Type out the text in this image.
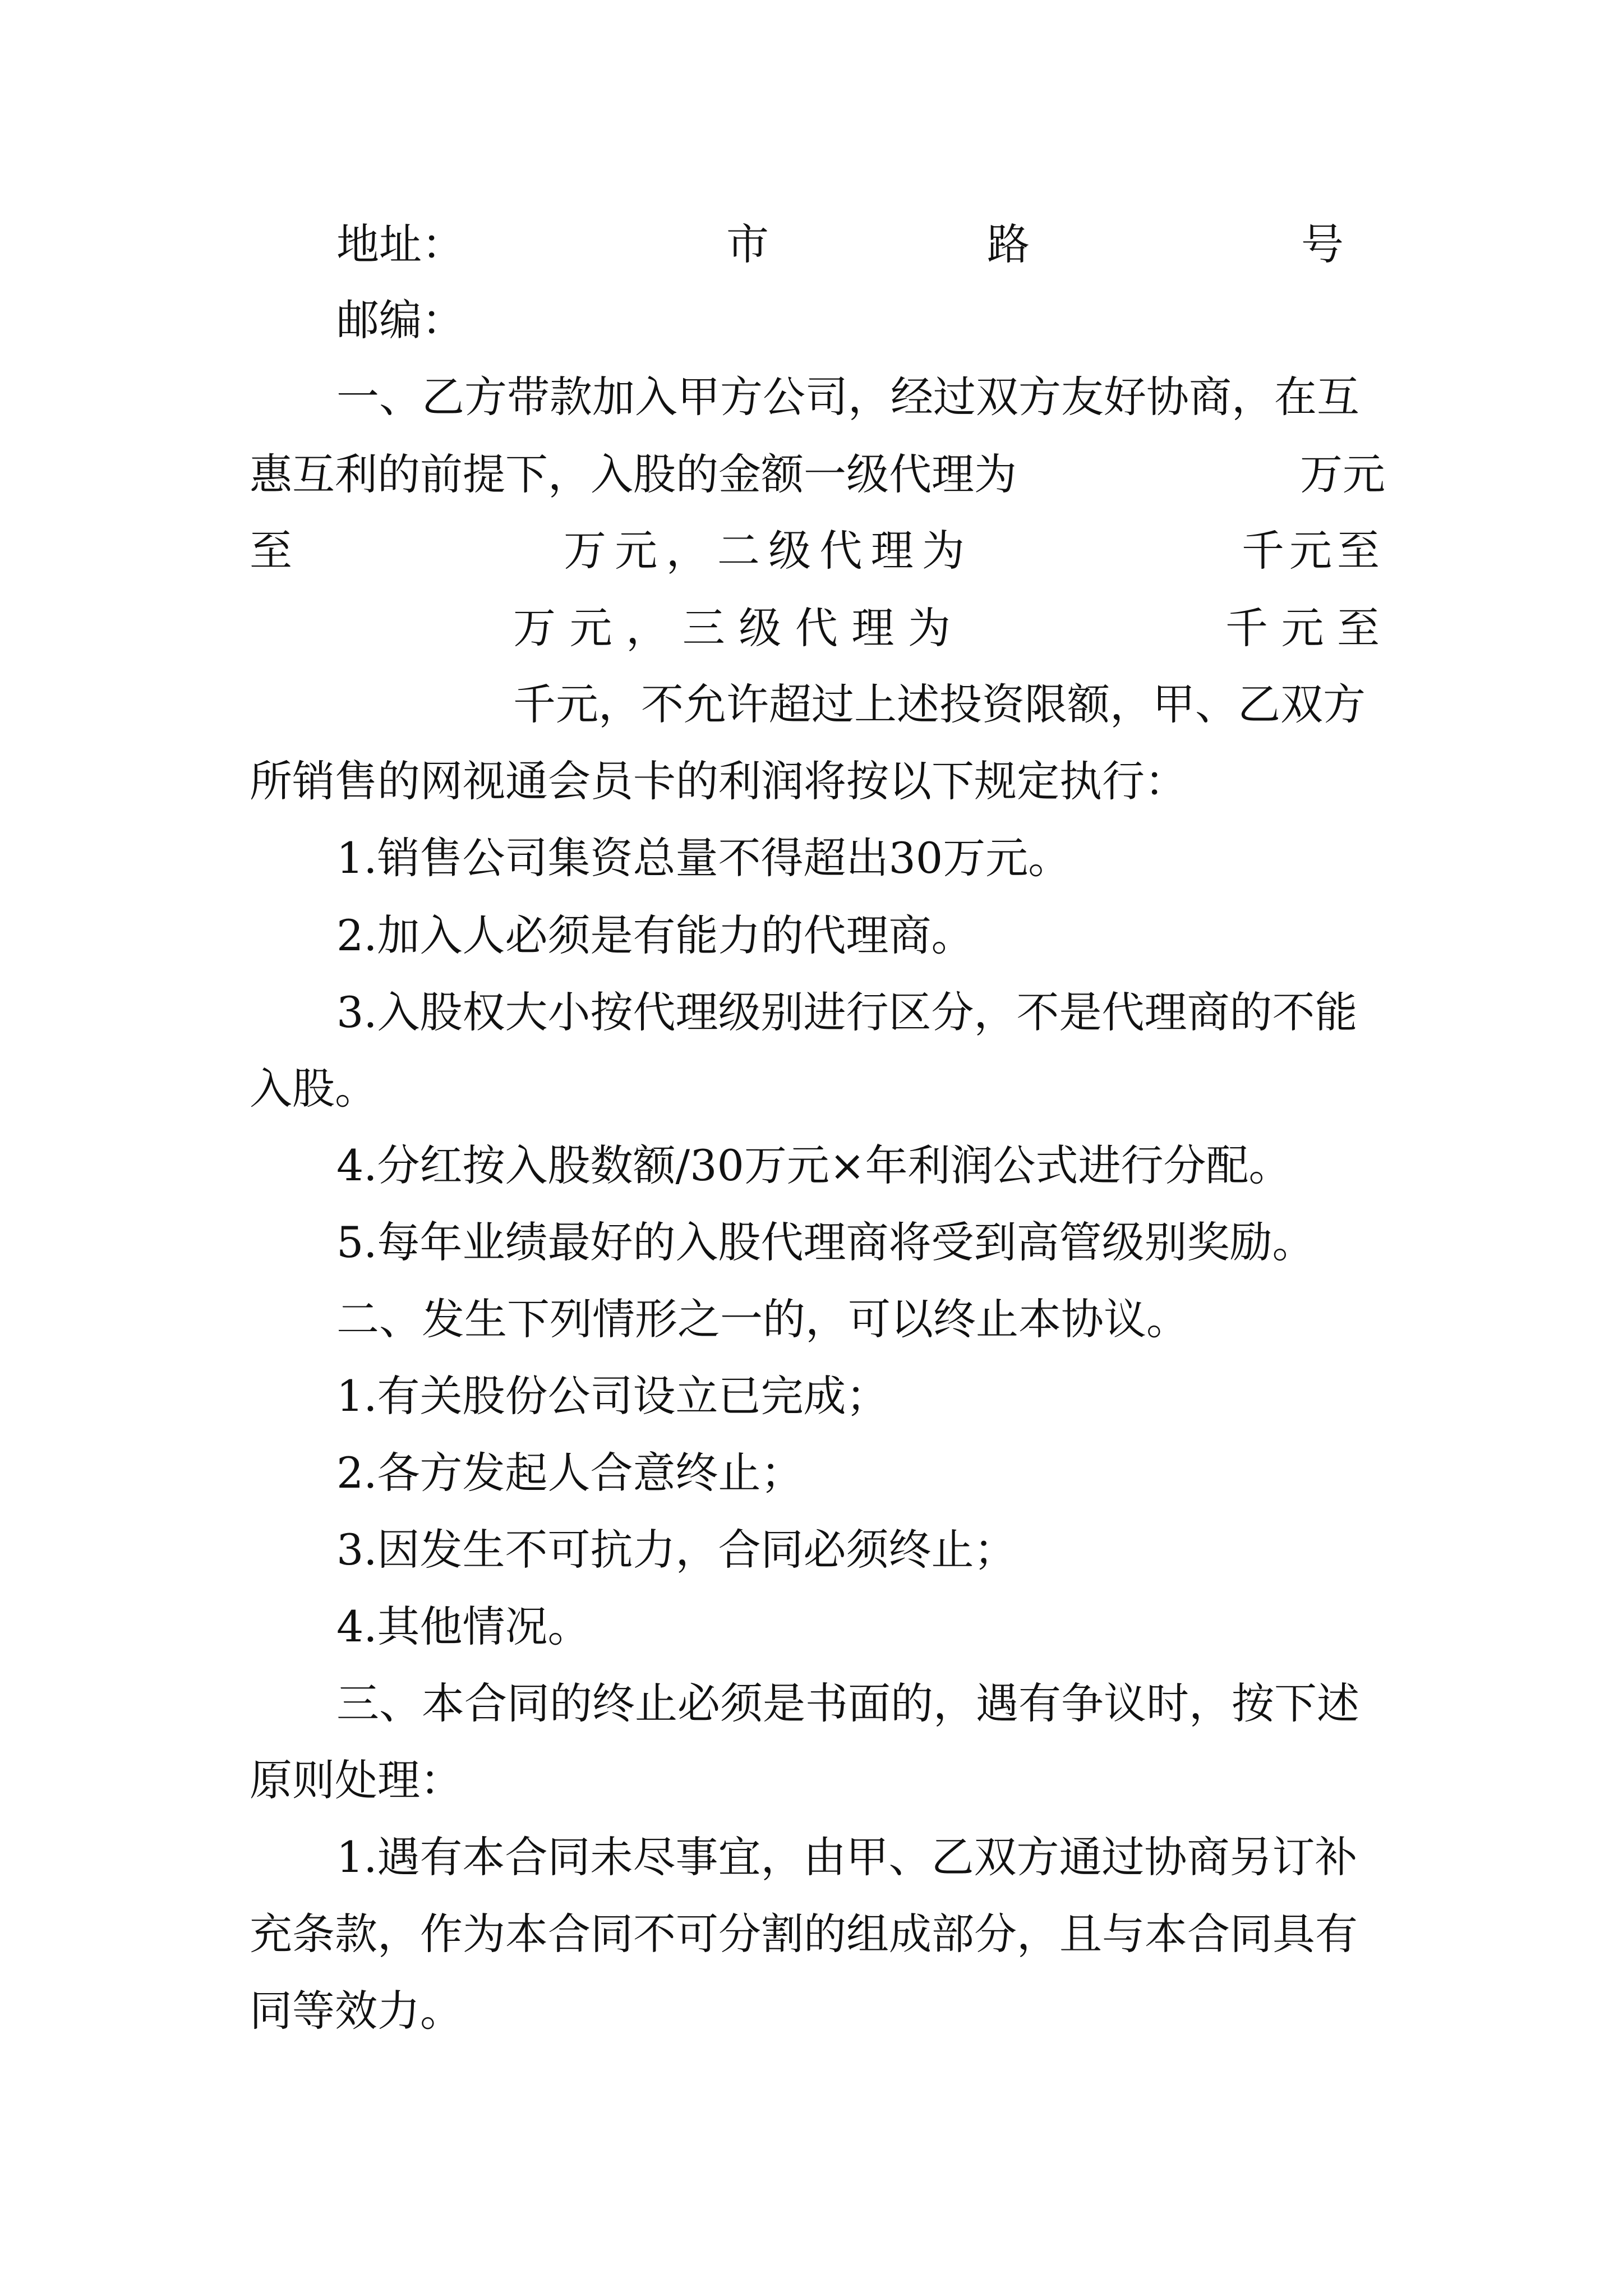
地址：	市	路	号
邮编：
一、乙方带款加入甲方公司，经过双方友好协商，在互
惠互利的前提下，入股的金额一级代理为	万元
至	万 元 ， 二 级 代 理 为	千 元 至
万 元 ， 三 级 代 理 为	千 元 至
千元，不允许超过上述投资限额，甲、乙双方
所销售的网视通会员卡的利润将按以下规定执行：
1.销售公司集资总量不得超出30万元。
2.加入人必须是有能力的代理商。
3.入股权大小按代理级别进行区分，不是代理商的不能
入股。
4.分红按入股数额/30万元×年利润公式进行分配。
5.每年业绩最好的入股代理商将受到高管级别奖励。
二、发生下列情形之一的，可以终止本协议。
1.有关股份公司设立已完成；
2.各方发起人合意终止；
3.因发生不可抗力，合同必须终止；
4.其他情况。
三、本合同的终止必须是书面的，遇有争议时，按下述
原则处理：
1.遇有本合同未尽事宜，由甲、乙双方通过协商另订补
充条款，作为本合同不可分割的组成部分，且与本合同具有
同等效力。
